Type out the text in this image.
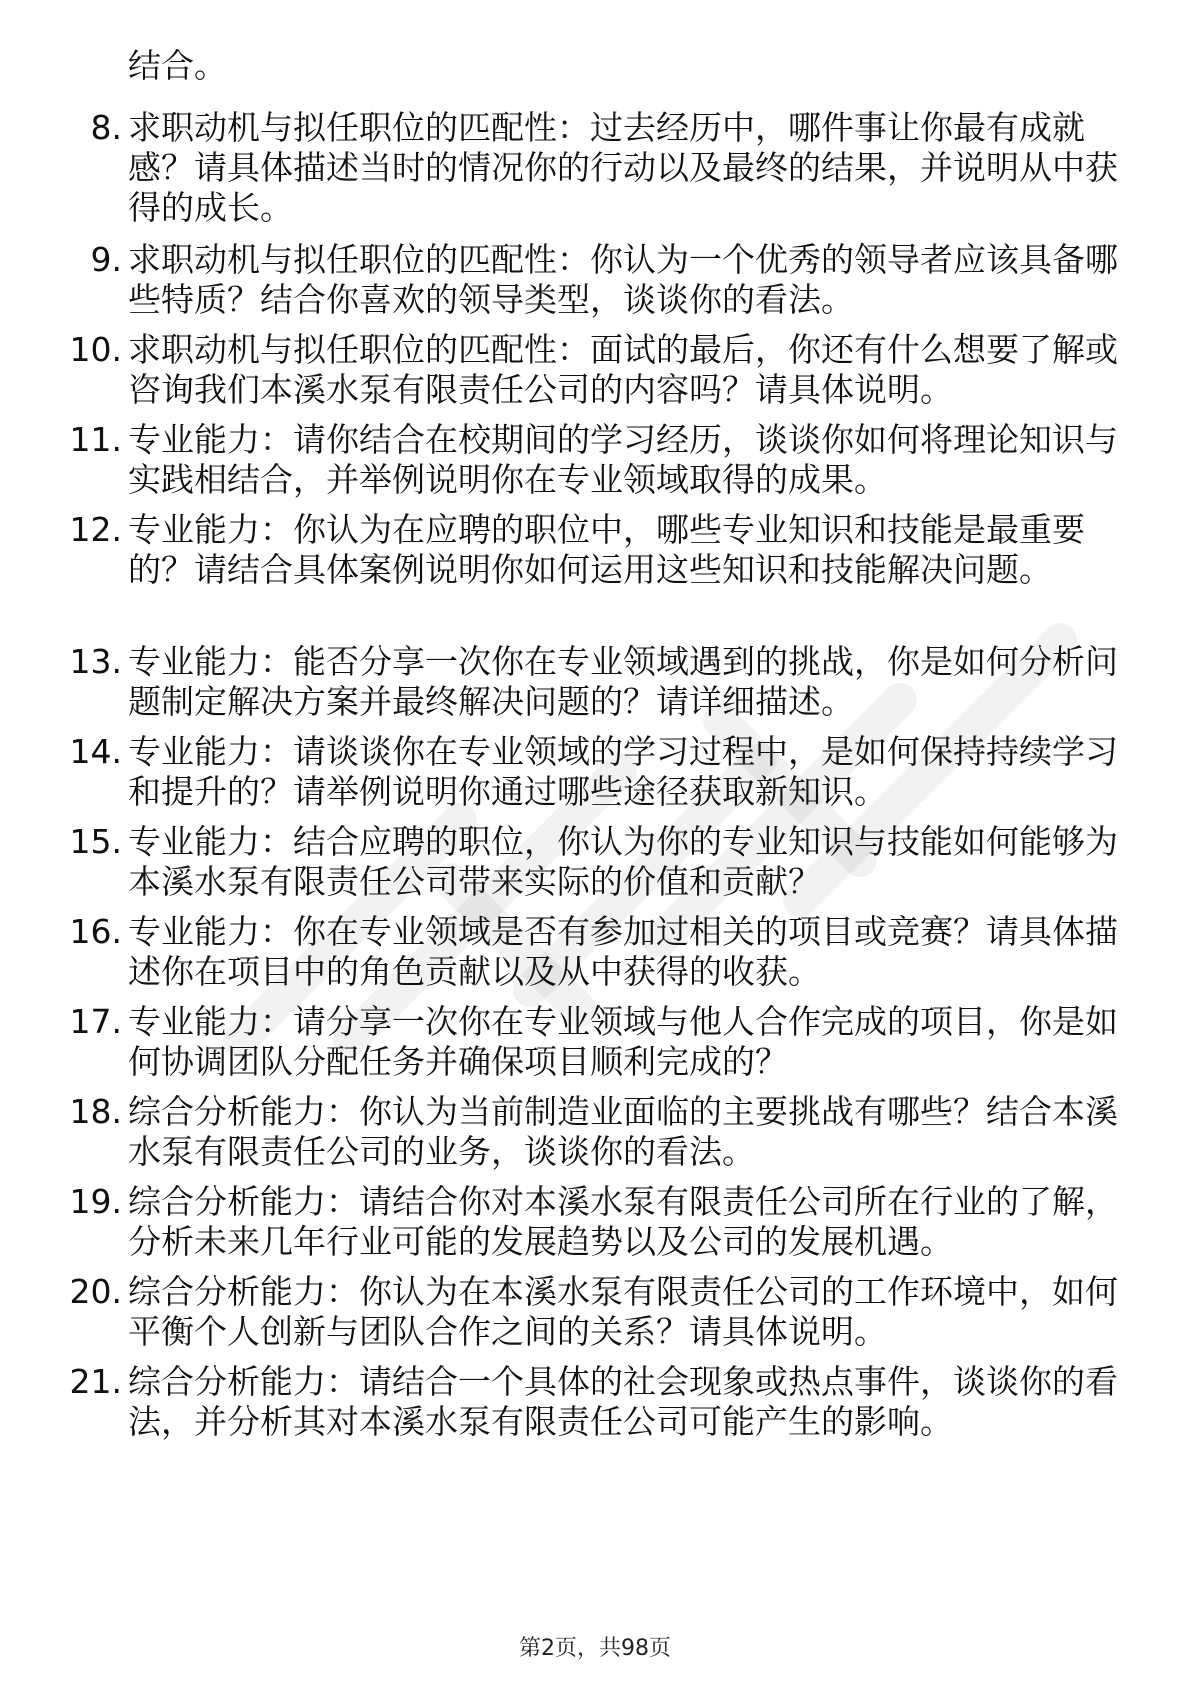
结合。

8. 求职动机与拟任职位的匹配性：过去经历中，哪件事让你最有成就感？请具体描述当时的情况你的行动以及最终的结果，并说明从中获得的成长。

9. 求职动机与拟任职位的匹配性：你认为一个优秀的领导者应该具备哪些特质？结合你喜欢的领导类型，谈谈你的看法。

10. 求职动机与拟任职位的匹配性：面试的最后，你还有什么想要了解或咨询我们本溪水泵有限责任公司的内容吗？请具体说明。

11. 专业能力：请你结合在校期间的学习经历，谈谈你如何将理论知识与实践相结合，并举例说明你在专业领域取得的成果。

12. 专业能力：你认为在应聘的职位中，哪些专业知识和技能是最重要的？请结合具体案例说明你如何运用这些知识和技能解决问题。

13. 专业能力：能否分享一次你在专业领域遇到的挑战，你是如何分析问题制定解决方案并最终解决问题的？请详细描述。

14. 专业能力：请谈谈你在专业领域的学习过程中，是如何保持持续学习和提升的？请举例说明你通过哪些途径获取新知识。

15. 专业能力：结合应聘的职位，你认为你的专业知识与技能如何能够为本溪水泵有限责任公司带来实际的价值和贡献？

16. 专业能力：你在专业领域是否有参加过相关的项目或竞赛？请具体描述你在项目中的角色贡献以及从中获得的收获。

17. 专业能力：请分享一次你在专业领域与他人合作完成的项目，你是如何协调团队分配任务并确保项目顺利完成的？

18. 综合分析能力：你认为当前制造业面临的主要挑战有哪些？结合本溪水泵有限责任公司的业务，谈谈你的看法。

19. 综合分析能力：请结合你对本溪水泵有限责任公司所在行业的了解，分析未来几年行业可能的发展趋势以及公司的发展机遇。

20. 综合分析能力：你认为在本溪水泵有限责任公司的工作环境中，如何平衡个人创新与团队合作之间的关系？请具体说明。

21. 综合分析能力：请结合一个具体的社会现象或热点事件，谈谈你的看法，并分析其对本溪水泵有限责任公司可能产生的影响。

第2页，共98页
